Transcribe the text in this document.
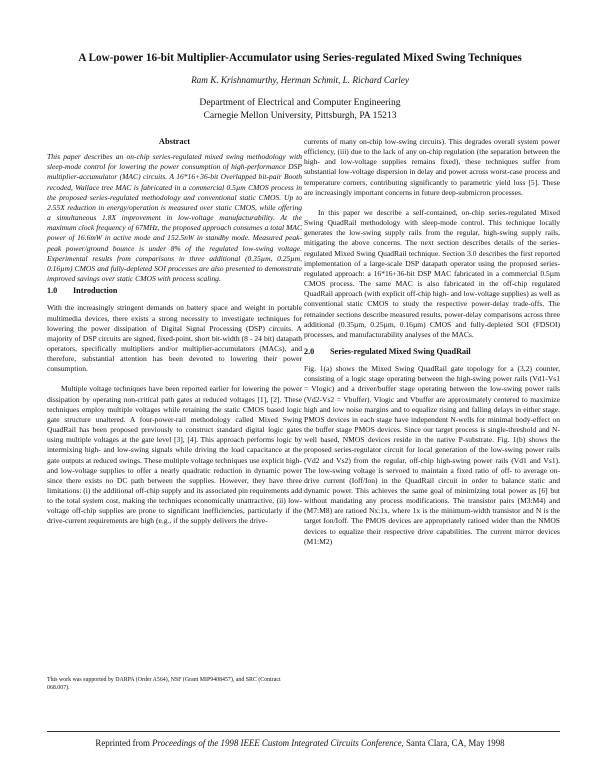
A Low-power 16-bit Multiplier-Accumulator using Series-regulated Mixed Swing Techniques
Ram K. Krishnamurthy, Herman Schmit, L. Richard Carley
Department of Electrical and Computer Engineering
Carnegie Mellon University, Pittsburgh, PA 15213
Abstract

This paper describes an on-chip series-regulated mixed swing methodology with sleep-mode control for lowering the power consumption of high-performance DSP multiplier-accumulator (MAC) circuits. A 16*16+36-bit Overlapped bit-pair Booth recoded, Wallace tree MAC is fabricated in a commercial 0.5µm CMOS process in the proposed series-regulated methodology and conventional static CMOS. Up to 2.55X reduction in energy/operation is measured over static CMOS, while offering a simultaneous 1.8X improvement in low-voltage manufacturability. At the maximum clock frequency of 67MHz, the proposed approach consumes a total MAC power of 16.6mW in active mode and 152.5nW in standby mode. Measured peak-peak power/ground bounce is under 8% of the regulated low-swing voltage. Experimental results from comparisons in three additional (0.35µm, 0.25µm, 0.16µm) CMOS and fully-depleted SOI processes are also presented to demonstrate improved savings over static CMOS with process scaling.

1.0 Introduction

With the increasingly stringent demands on battery space and weight in portable multimedia devices, there exists a strong necessity to investigate techniques for lowering the power dissipation of Digital Signal Processing (DSP) circuits. A majority of DSP circuits are signed, fixed-point, short bit-width (8 - 24 bit) datapath operators, specifically multipliers and/or multiplier-accumulators (MACs), and therefore, substantial attention has been devoted to lowering their power consumption.

Multiple voltage techniques have been reported earlier for lowering the power dissipation by operating non-critical path gates at reduced voltages [1], [2]. These techniques employ multiple voltages while retaining the static CMOS based logic gate structure unaltered. A four-power-rail methodology called Mixed Swing QuadRail has been proposed previously to construct standard digital logic gates using multiple voltages at the gate level [3], [4]. This approach performs logic by intermixing high- and low-swing signals while driving the load capacitance at the gate outputs at reduced swings. These multiple voltage techniques use explicit high- and low-voltage supplies to offer a nearly quadratic reduction in dynamic power since there exists no DC path between the supplies. However, they have three limitations: (i) the additional off-chip supply and its associated pin requirements add to the total system cost, making the techniques economically unattractive, (ii) low-voltage off-chip supplies are prone to significant inefficiencies, particularly if the drive-current requirements are high (e.g., if the supply delivers the drive-

currents of many on-chip low-swing circuits). This degrades overall system power efficiency, (iii) due to the lack of any on-chip regulation (the separation between the high- and low-voltage supplies remains fixed), these techniques suffer from substantial low-voltage dispersion in delay and power across worst-case process and temperature corners, contributing significantly to parametric yield loss [5]. These are increasingly important concerns in future deep-submicron processes.

In this paper we describe a self-contained, on-chip series-regulated Mixed Swing QuadRail methodology with sleep-mode control. This technique locally generates the low-swing supply rails from the regular, high-swing supply rails, mitigating the above concerns. The next section describes details of the series-regulated Mixed Swing QuadRail technique. Section 3.0 describes the first reported implementation of a large-scale DSP datapath operator using the proposed series-regulated approach: a 16*16+36-bit DSP MAC fabricated in a commercial 0.5µm CMOS process. The same MAC is also fabricated in the off-chip regulated QuadRail approach (with explicit off-chip high- and low-voltage supplies) as well as conventional static CMOS to study the respective power-delay trade-offs. The remainder sections describe measured results, power-delay comparisons across three additional (0.35µm, 0.25µm, 0.16µm) CMOS and fully-depleted SOI (FDSOI) processes, and manufacturability analyses of the MACs.

2.0 Series-regulated Mixed Swing QuadRail

Fig. 1(a) shows the Mixed Swing QuadRail gate topology for a (3,2) counter, consisting of a logic stage operating between the high-swing power rails (Vd1-Vs1 = Vlogic) and a driver/buffer stage operating between the low-swing power rails (Vd2-Vs2 = Vbuffer). Vlogic and Vbuffer are approximately centered to maximize high and low noise margins and to equalize rising and falling delays in either stage. PMOS devices in each stage have independent N-wells for minimal body-effect on the buffer stage PMOS devices. Since our target process is single-threshold and N-well based, NMOS devices reside in the native P-substrate. Fig. 1(b) shows the proposed series-regulator circuit for local generation of the low-swing power rails (Vd2 and Vs2) from the regular, off-chip high-swing power rails (Vd1 and Vs1). The low-swing voltage is servoed to maintain a fixed ratio of off- to average on-drive current (Ioff/Ion) in the QuadRail circuit in order to balance static and dynamic power. This achieves the same goal of minimizing total power as [6] but without mandating any process modifications. The transistor pairs (M3:M4) and (M7:M8) are ratioed Nx:1x, where 1x is the minimum-width transistor and N is the target Ion/Ioff. The PMOS devices are appropriately ratioed wider than the NMOS devices to equalize their respective drive capabilities. The current mirror devices (M1:M2)

This work was supported by DARPA (Order A564), NSF (Grant MIP9408457), and SRC (Contract 068.007).
Reprinted from Proceedings of the 1998 IEEE Custom Integrated Circuits Conference, Santa Clara, CA, May 1998
